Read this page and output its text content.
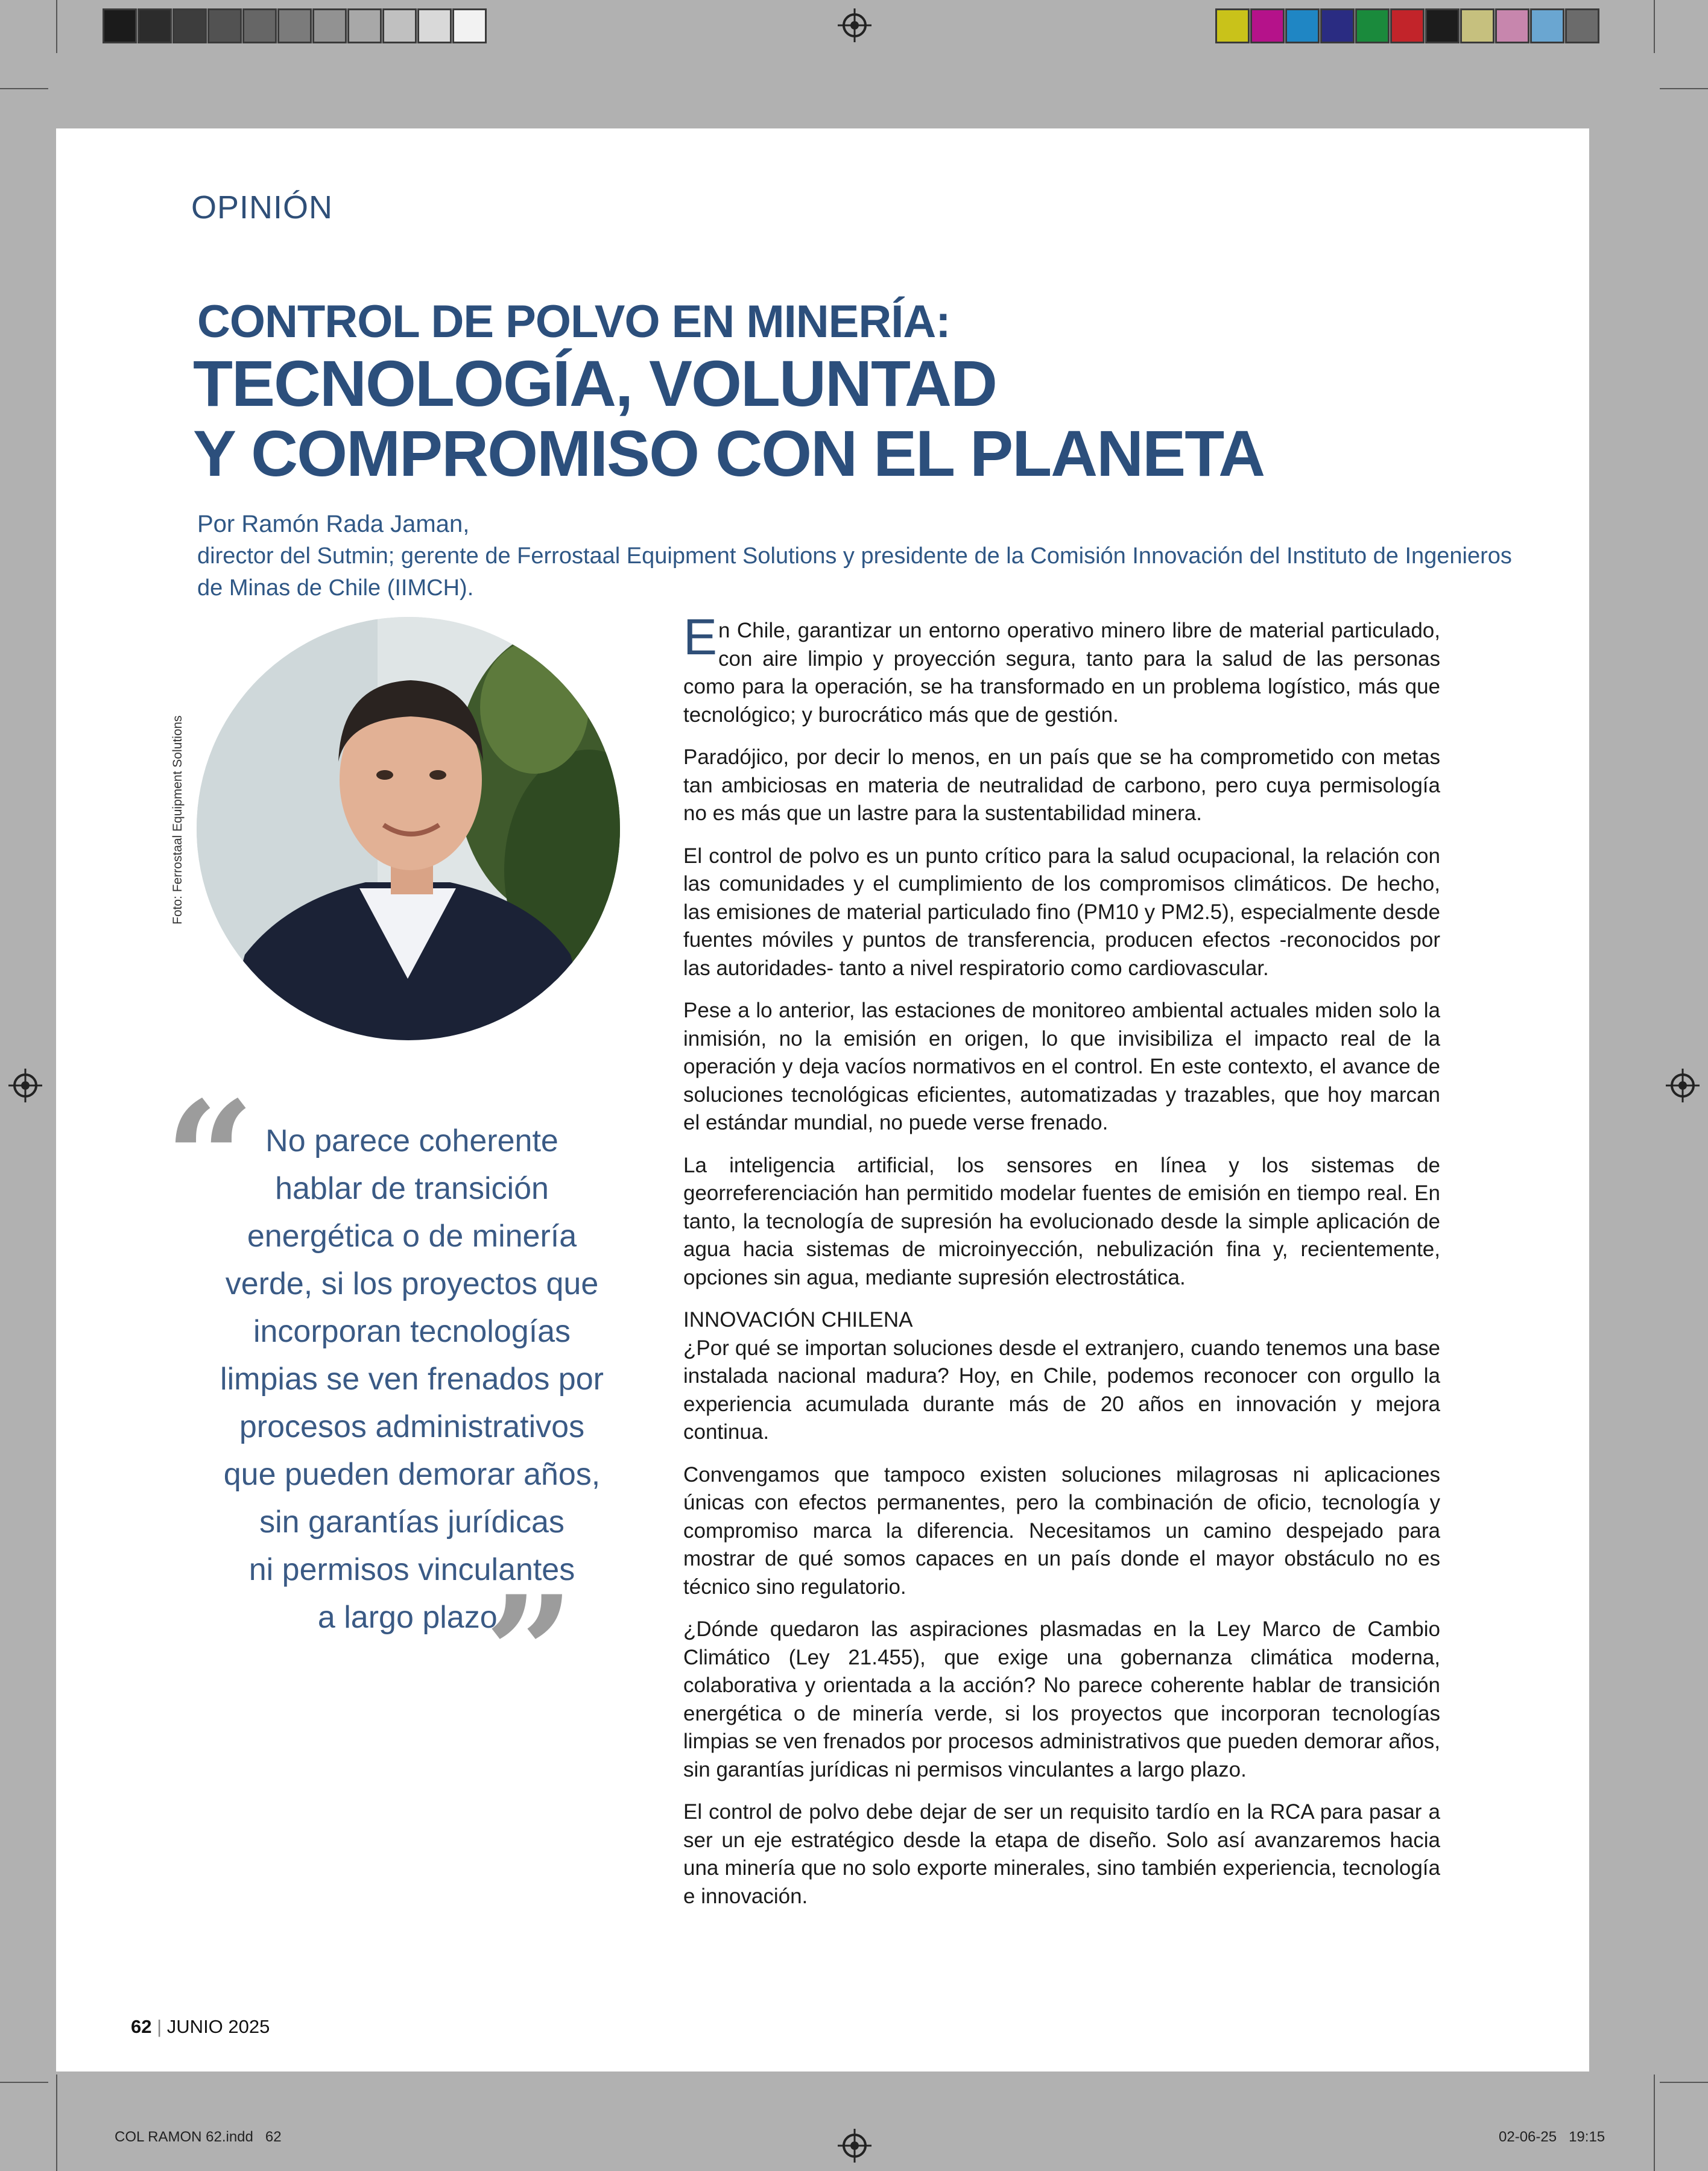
COL RAMON 62.indd   62	02-06-25   19:15
OPINIÓN
CONTROL DE POLVO EN MINERÍA:
TECNOLOGÍA, VOLUNTAD
Y COMPROMISO CON EL PLANETA
Por Ramón Rada Jaman,
director del Sutmin; gerente de Ferrostaal Equipment Solutions y presidente de la Comisión Innovación del Instituto de Ingenieros de Minas de Chile (IIMCH).
Foto: Ferrostaal Equipment Solutions
“ No parece coherente
hablar de transición
energética o de minería
verde, si los proyectos que
incorporan tecnologías
limpias se ven frenados por
procesos administrativos
que pueden demorar años,
sin garantías jurídicas
ni permisos vinculantes
a largo plazo.
”

En Chile, garantizar un entorno operativo minero libre de material particulado, con aire limpio y proyección segura, tanto para la salud de las personas como para la operación, se ha transformado en un problema logístico, más que tecnológico; y burocrático más que de gestión.

Paradójico, por decir lo menos, en un país que se ha comprometido con metas tan ambiciosas en materia de neutralidad de carbono, pero cuya permisología no es más que un lastre para la sustentabilidad minera.

El control de polvo es un punto crítico para la salud ocupacional, la relación con las comunidades y el cumplimiento de los compromisos climáticos. De hecho, las emisiones de material particulado fino (PM10 y PM2.5), especialmente desde fuentes móviles y puntos de transferencia, producen efectos -reconocidos por las autoridades- tanto a nivel respiratorio como cardiovascular.

Pese a lo anterior, las estaciones de monitoreo ambiental actuales miden solo la inmisión, no la emisión en origen, lo que invisibiliza el impacto real de la operación y deja vacíos normativos en el control. En este contexto, el avance de soluciones tecnológicas eficientes, automatizadas y trazables, que hoy marcan el estándar mundial, no puede verse frenado.

La inteligencia artificial, los sensores en línea y los sistemas de georreferenciación han permitido modelar fuentes de emisión en tiempo real. En tanto, la tecnología de supresión ha evolucionado desde la simple aplicación de agua hacia sistemas de microinyección, nebulización fina y, recientemente, opciones sin agua, mediante supresión electrostática.

INNOVACIÓN CHILENA

¿Por qué se importan soluciones desde el extranjero, cuando tenemos una base instalada nacional madura? Hoy, en Chile, podemos reconocer con orgullo la experiencia acumulada durante más de 20 años en innovación y mejora continua.

Convengamos que tampoco existen soluciones milagrosas ni aplicaciones únicas con efectos permanentes, pero la combinación de oficio, tecnología y compromiso marca la diferencia. Necesitamos un camino despejado para mostrar de qué somos capaces en un país donde el mayor obstáculo no es técnico sino regulatorio.

¿Dónde quedaron las aspiraciones plasmadas en la Ley Marco de Cambio Climático (Ley 21.455), que exige una gobernanza climática moderna, colaborativa y orientada a la acción? No parece coherente hablar de transición energética o de minería verde, si los proyectos que incorporan tecnologías limpias se ven frenados por procesos administrativos que pueden demorar años, sin garantías jurídicas ni permisos vinculantes a largo plazo.

El control de polvo debe dejar de ser un requisito tardío en la RCA para pasar a ser un eje estratégico desde la etapa de diseño. Solo así avanzaremos hacia una minería que no solo exporte minerales, sino también experiencia, tecnología e innovación.

62 | JUNIO 2025
